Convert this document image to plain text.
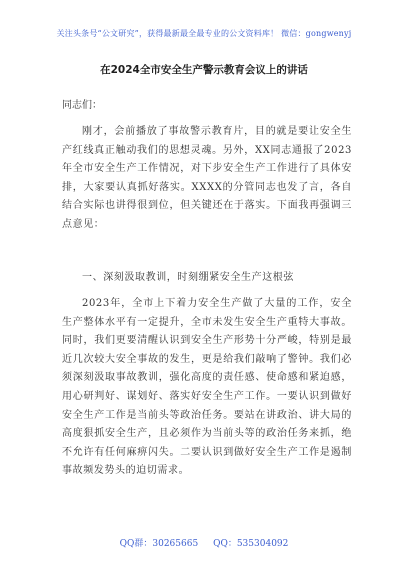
关注头条号“公文研究”，获得最新最全最专业的公文资料库！ 微信：gongwenyj
在2024全市安全生产警示教育会议上的讲话
同志们：

刚才，会前播放了事故警示教育片，目的就是要让安全生产红线真正触动我们的思想灵魂。另外，XX同志通报了2023年全市安全生产工作情况，对下步安全生产工作进行了具体安排，大家要认真抓好落实。XXXX的分管同志也发了言，各自结合实际也讲得很到位，但关键还在于落实。下面我再强调三点意见：

一、深刻汲取教训，时刻绷紧安全生产这根弦

2023年，全市上下着力安全生产做了大量的工作，安全生产整体水平有一定提升，全市未发生安全生产重特大事故。同时，我们更要清醒认识到安全生产形势十分严峻，特别是最近几次较大安全事故的发生，更是给我们敲响了警钟。我们必须深刻汲取事故教训，强化高度的责任感、使命感和紧迫感，用心研判好、谋划好、落实好安全生产工作。一要认识到做好安全生产工作是当前头等政治任务。要站在讲政治、讲大局的高度狠抓安全生产，且必须作为当前头等的政治任务来抓，绝不允许有任何麻痹闪失。二要认识到做好安全生产工作是遏制事故频发势头的迫切需求。

QQ群：30265665 QQ：535304092
